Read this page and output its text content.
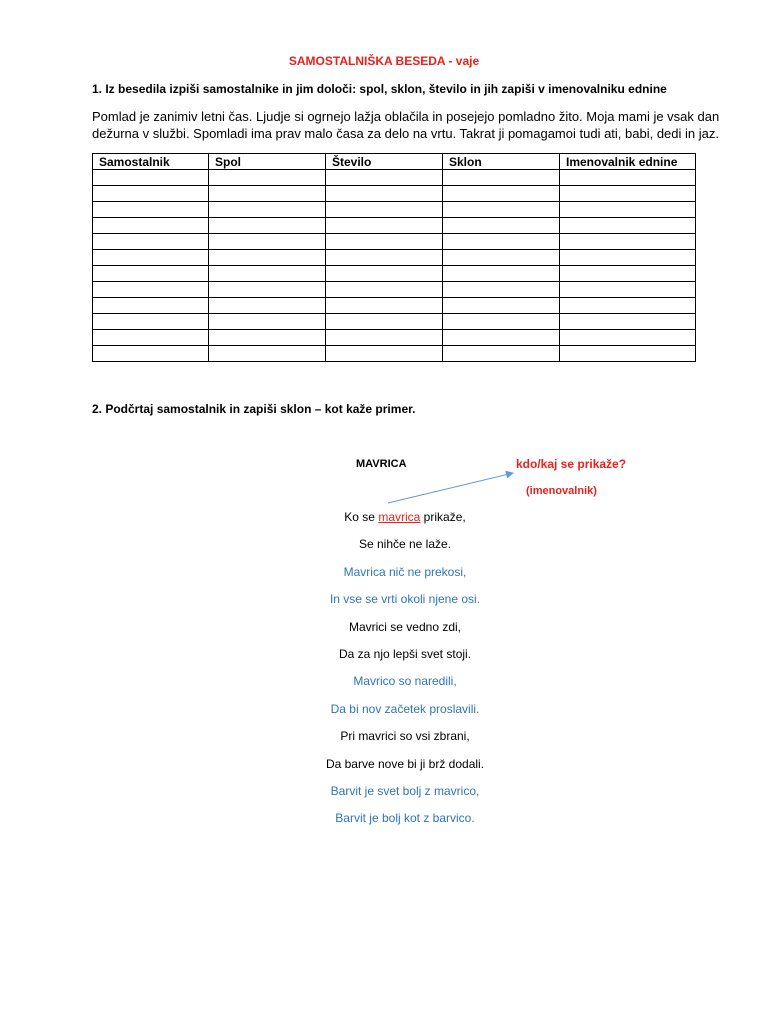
SAMOSTALNIŠKA BESEDA - vaje
1. Iz besedila izpiši samostalnike in jim določi: spol, sklon, število in jih zapiši v imenovalniku ednine
Pomlad je zanimiv letni čas. Ljudje si ogrnejo lažja oblačila in posejejo pomladno žito. Moja mami je vsak dan dežurna v službi. Spomladi ima prav malo časa za delo na vrtu. Takrat ji pomagamoi tudi ati, babi, dedi in jaz.
Samostalnik	Spol	Število	Sklon	Imenovalnik ednine

2. Podčrtaj samostalnik in zapiši sklon – kot kaže primer.
MAVRICA	kdo/kaj se prikaže?
(imenovalnik)
Ko se mavrica prikaže,
Se nihče ne laže.
Mavrica nič ne prekosi,
In vse se vrti okoli njene osi.
Mavrici se vedno zdi,
Da za njo lepši svet stoji.
Mavrico so naredili,
Da bi nov začetek proslavili.
Pri mavrici so vsi zbrani,
Da barve nove bi ji brž dodali.
Barvit je svet bolj z mavrico,
Barvit je bolj kot z barvico.
